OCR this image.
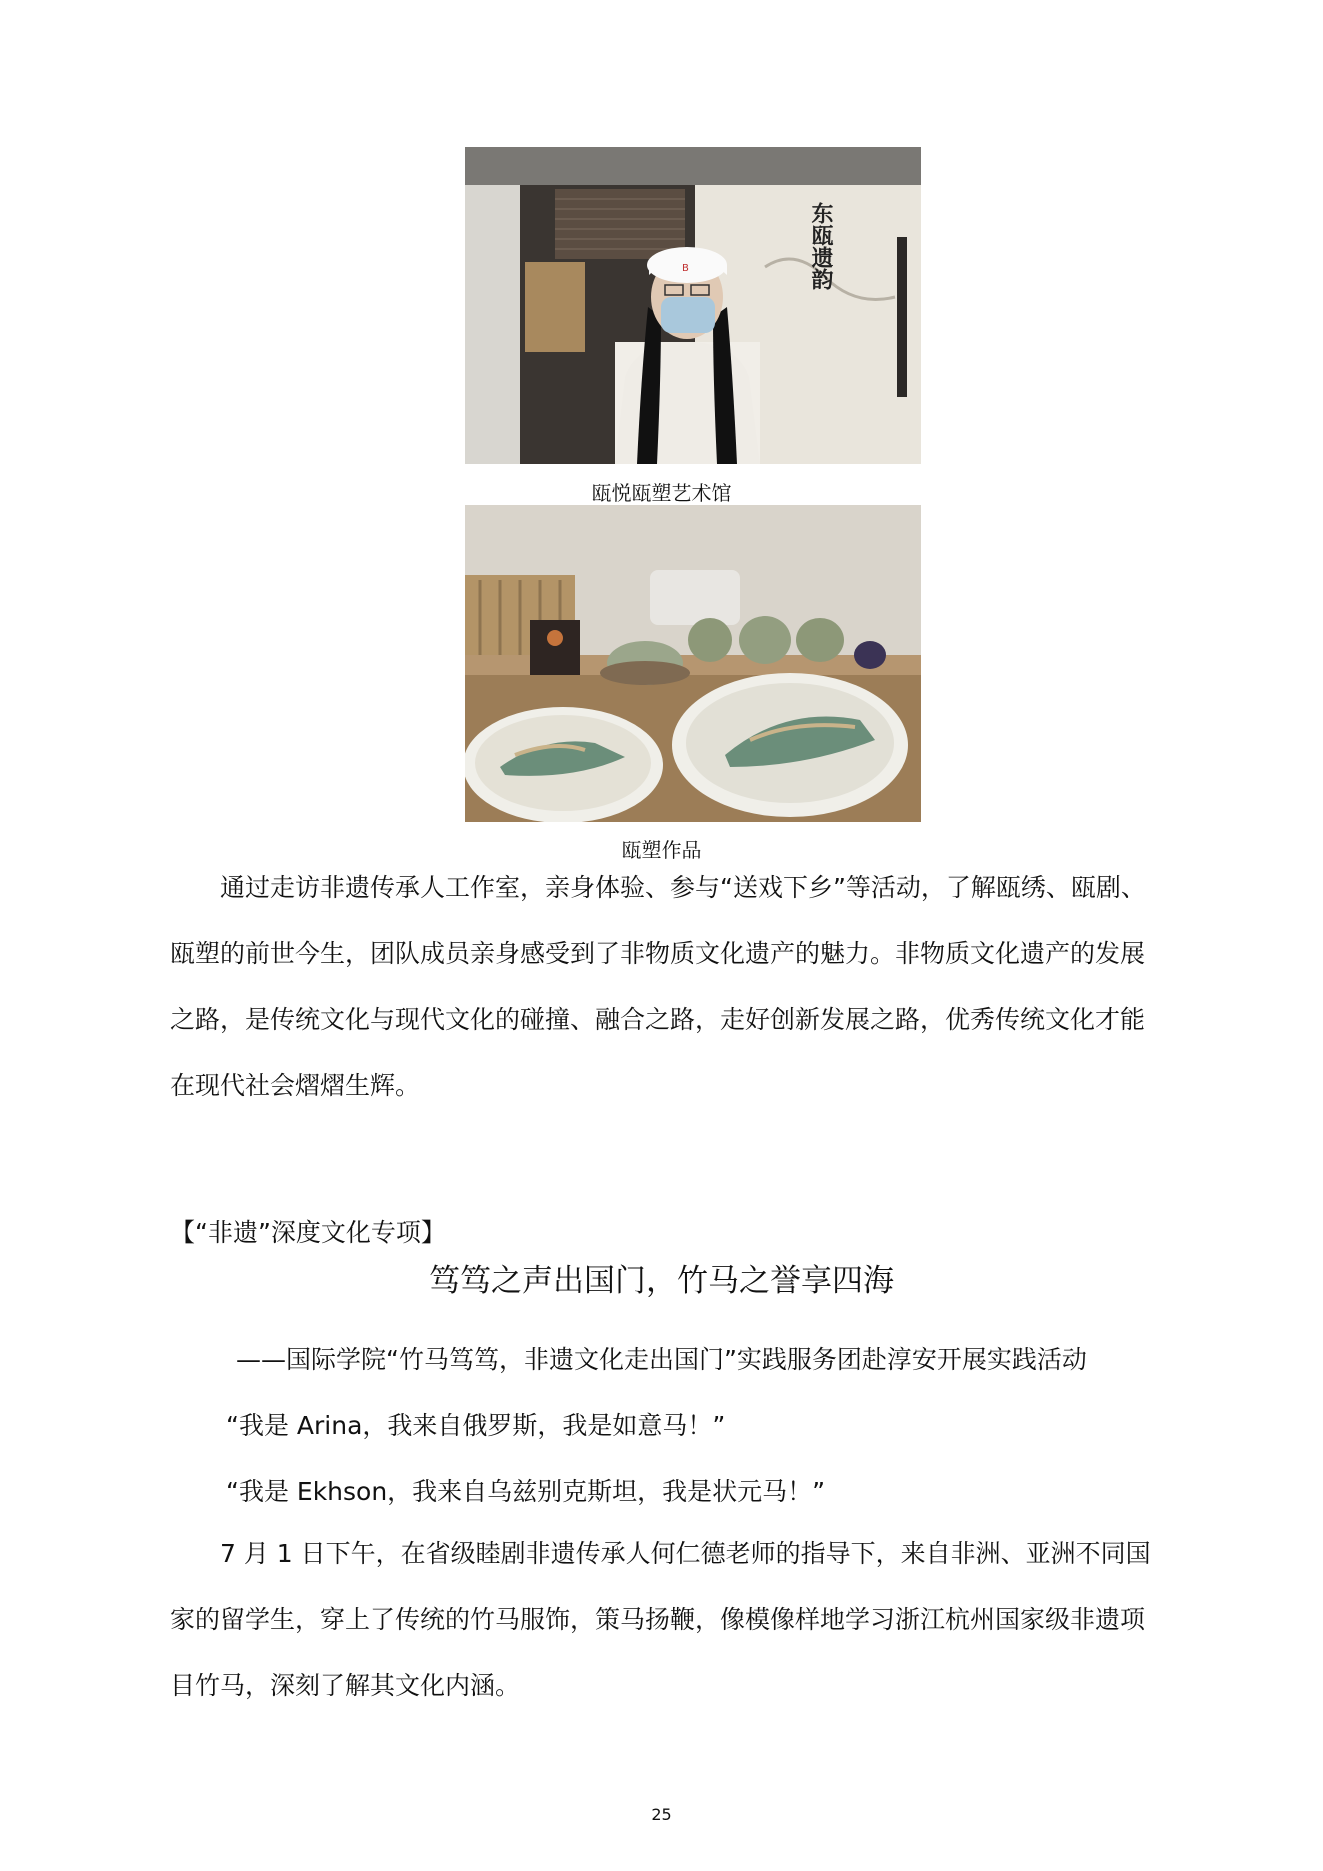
B	东瓯遗韵
瓯悦瓯塑艺术馆
瓯塑作品

通过走访非遗传承人工作室，亲身体验、参与“送戏下乡”等活动，了解瓯绣、瓯剧、瓯塑的前世今生，团队成员亲身感受到了非物质文化遗产的魅力。非物质文化遗产的发展之路，是传统文化与现代文化的碰撞、融合之路，走好创新发展之路，优秀传统文化才能在现代社会熠熠生辉。

【“非遗”深度文化专项】
笃笃之声出国门，竹马之誉享四海
——国际学院“竹马笃笃，非遗文化走出国门”实践服务团赴淳安开展实践活动
“我是 Arina，我来自俄罗斯，我是如意马！”
“我是 Ekhson，我来自乌兹别克斯坦，我是状元马！”

7 月 1 日下午，在省级睦剧非遗传承人何仁德老师的指导下，来自非洲、亚洲不同国家的留学生，穿上了传统的竹马服饰，策马扬鞭，像模像样地学习浙江杭州国家级非遗项目竹马，深刻了解其文化内涵。

25
